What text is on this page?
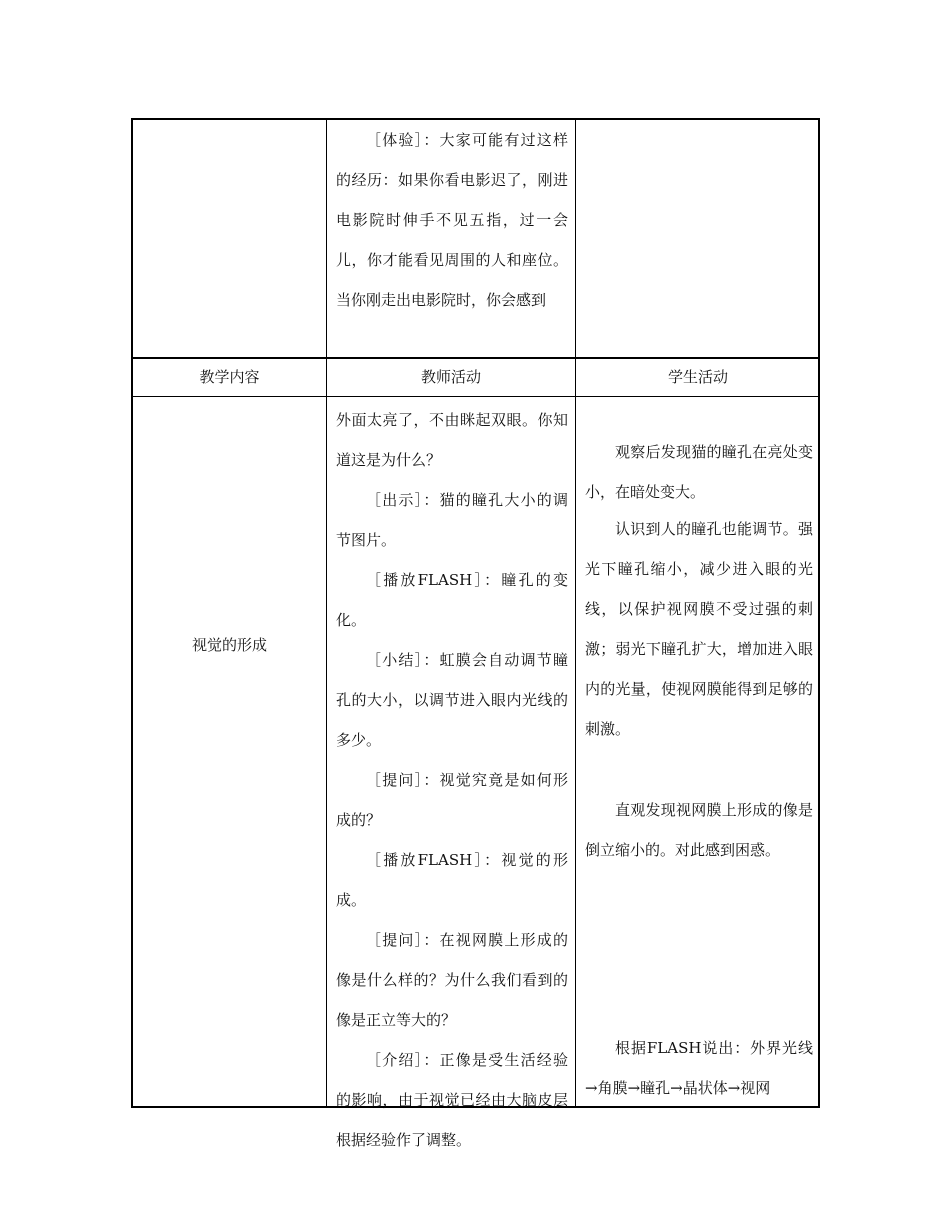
［体验］：大家可能有过这样的经历：如果你看电影迟了，刚进电影院时伸手不见五指，过一会儿，你才能看见周围的人和座位。当你刚走出电影院时，你会感到

教学内容	教师活动	学生活动
视觉的形成

外面太亮了，不由眯起双眼。你知道这是为什么？

［出示］：猫的瞳孔大小的调节图片。

［播放FLASH］：瞳孔的变化。

［小结］：虹膜会自动调节瞳孔的大小，以调节进入眼内光线的多少。

［提问］：视觉究竟是如何形成的？

［播放FLASH］：视觉的形成。

［提问］：在视网膜上形成的像是什么样的？为什么我们看到的像是正立等大的？

［介绍］：正像是受生活经验的影响，由于视觉已经由大脑皮层根据经验作了调整。

观察后发现猫的瞳孔在亮处变小，在暗处变大。
认识到人的瞳孔也能调节。强光下瞳孔缩小，减少进入眼的光线，以保护视网膜不受过强的刺激；弱光下瞳孔扩大，增加进入眼内的光量，使视网膜能得到足够的刺激。
直观发现视网膜上形成的像是倒立缩小的。对此感到困惑。
根据FLASH说出：外界光线→角膜→瞳孔→晶状体→视网
